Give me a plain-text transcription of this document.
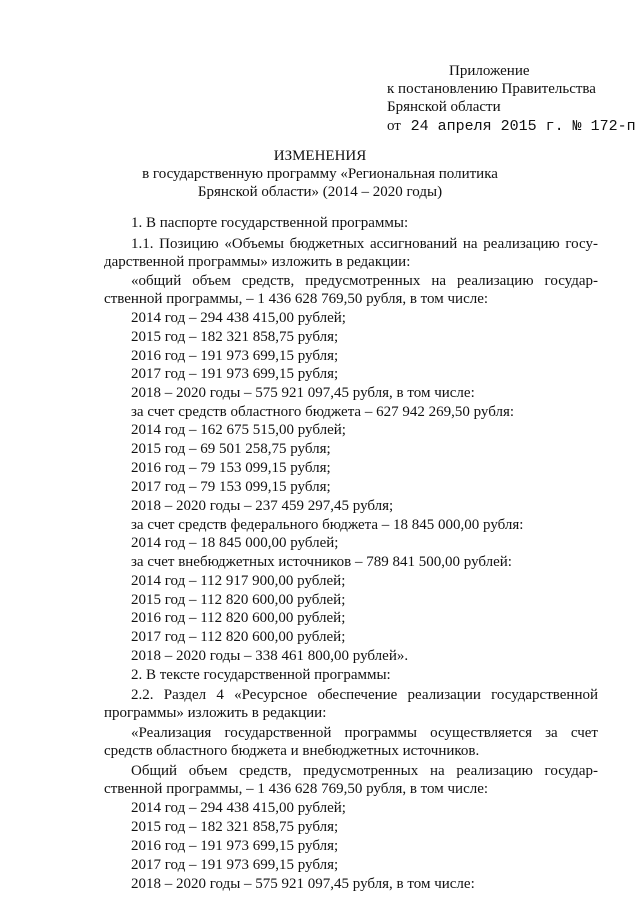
Приложение
к постановлению Правительства
Брянской области
от 24 апреля 2015 г. № 172-п
ИЗМЕНЕНИЯ
в государственную программу «Региональная политика
Брянской области» (2014 – 2020 годы)
1. В паспорте государственной программы:
1.1. Позицию «Объемы бюджетных ассигнований на реализацию госу-
дарственной программы» изложить в редакции:
«общий объем средств, предусмотренных на реализацию государ-
ственной программы, – 1 436 628 769,50 рубля, в том числе:
2014 год – 294 438 415,00 рублей;
2015 год – 182 321 858,75 рубля;
2016 год – 191 973 699,15 рубля;
2017 год – 191 973 699,15 рубля;
2018 – 2020 годы – 575 921 097,45 рубля, в том числе:
за счет средств областного бюджета – 627 942 269,50 рубля:
2014 год – 162 675 515,00 рублей;
2015 год – 69 501 258,75 рубля;
2016 год – 79 153 099,15 рубля;
2017 год – 79 153 099,15 рубля;
2018 – 2020 годы – 237 459 297,45 рубля;
за счет средств федерального бюджета – 18 845 000,00 рубля:
2014 год – 18 845 000,00 рублей;
за счет внебюджетных источников – 789 841 500,00 рублей:
2014 год – 112 917 900,00 рублей;
2015 год – 112 820 600,00 рублей;
2016 год – 112 820 600,00 рублей;
2017 год – 112 820 600,00 рублей;
2018 – 2020 годы – 338 461 800,00 рублей».
2. В тексте государственной программы:
2.2. Раздел 4 «Ресурсное обеспечение реализации государственной
программы» изложить в редакции:
«Реализация государственной программы осуществляется за счет
средств областного бюджета и внебюджетных источников.
Общий объем средств, предусмотренных на реализацию государ-
ственной программы, – 1 436 628 769,50 рубля, в том числе:
2014 год – 294 438 415,00 рублей;
2015 год – 182 321 858,75 рубля;
2016 год – 191 973 699,15 рубля;
2017 год – 191 973 699,15 рубля;
2018 – 2020 годы – 575 921 097,45 рубля, в том числе:
